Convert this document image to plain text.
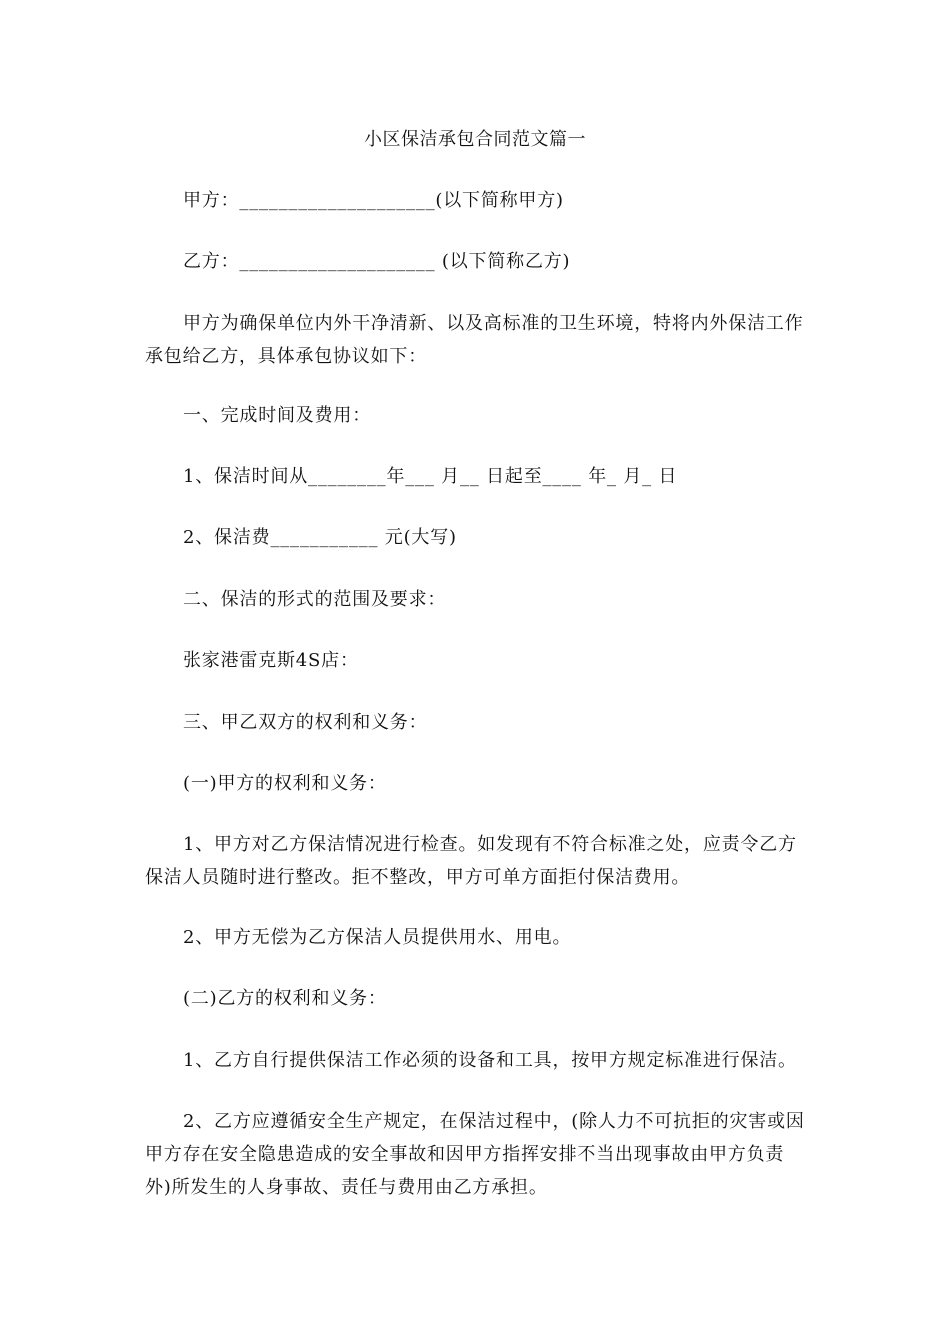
小区保洁承包合同范文篇一
甲方：____________________(以下简称甲方)
乙方：____________________ (以下简称乙方)
甲方为确保单位内外干净清新、以及高标准的卫生环境，特将内外保洁工作承包给乙方，具体承包协议如下：
一、完成时间及费用：
1、保洁时间从________年___ 月__ 日起至____ 年_ 月_ 日
2、保洁费___________ 元(大写)
二、保洁的形式的范围及要求：
张家港雷克斯4S店：
三、甲乙双方的权利和义务：
(一)甲方的权利和义务：
1、甲方对乙方保洁情况进行检查。如发现有不符合标准之处，应责令乙方保洁人员随时进行整改。拒不整改，甲方可单方面拒付保洁费用。
2、甲方无偿为乙方保洁人员提供用水、用电。
(二)乙方的权利和义务：
1、乙方自行提供保洁工作必须的设备和工具，按甲方规定标准进行保洁。
2、乙方应遵循安全生产规定，在保洁过程中，(除人力不可抗拒的灾害或因甲方存在安全隐患造成的安全事故和因甲方指挥安排不当出现事故由甲方负责外)所发生的人身事故、责任与费用由乙方承担。
